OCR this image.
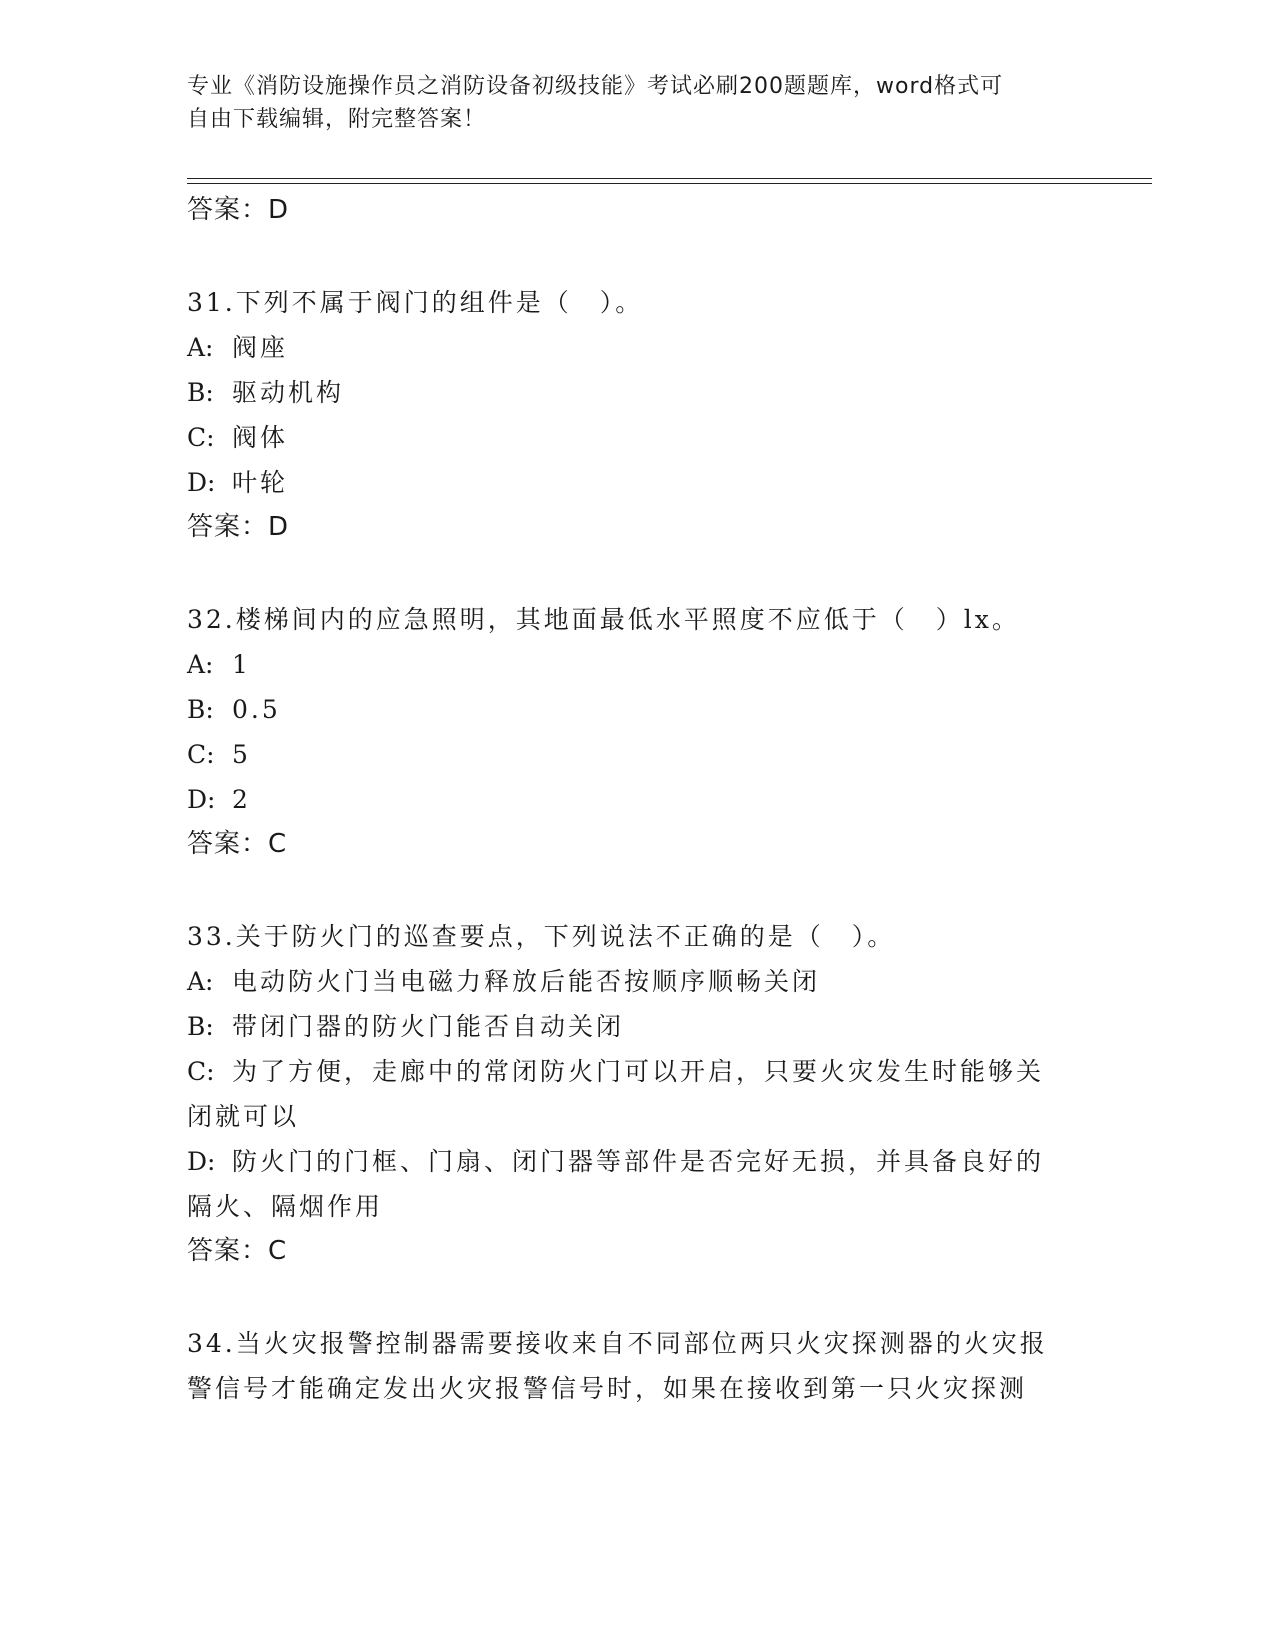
专业《消防设施操作员之消防设备初级技能》考试必刷200题题库，word格式可
自由下载编辑，附完整答案！
答案：D
31.下列不属于阀门的组件是（　）。
A: 阀座
B: 驱动机构
C: 阀体
D: 叶轮
答案：D
32.楼梯间内的应急照明，其地面最低水平照度不应低于（　）lx。
A: 1
B: 0.5
C: 5
D: 2
答案：C
33.关于防火门的巡查要点，下列说法不正确的是（　）。
A: 电动防火门当电磁力释放后能否按顺序顺畅关闭
B: 带闭门器的防火门能否自动关闭
C: 为了方便，走廊中的常闭防火门可以开启，只要火灾发生时能够关
闭就可以
D: 防火门的门框、门扇、闭门器等部件是否完好无损，并具备良好的
隔火、隔烟作用
答案：C
34.当火灾报警控制器需要接收来自不同部位两只火灾探测器的火灾报
警信号才能确定发出火灾报警信号时，如果在接收到第一只火灾探测
